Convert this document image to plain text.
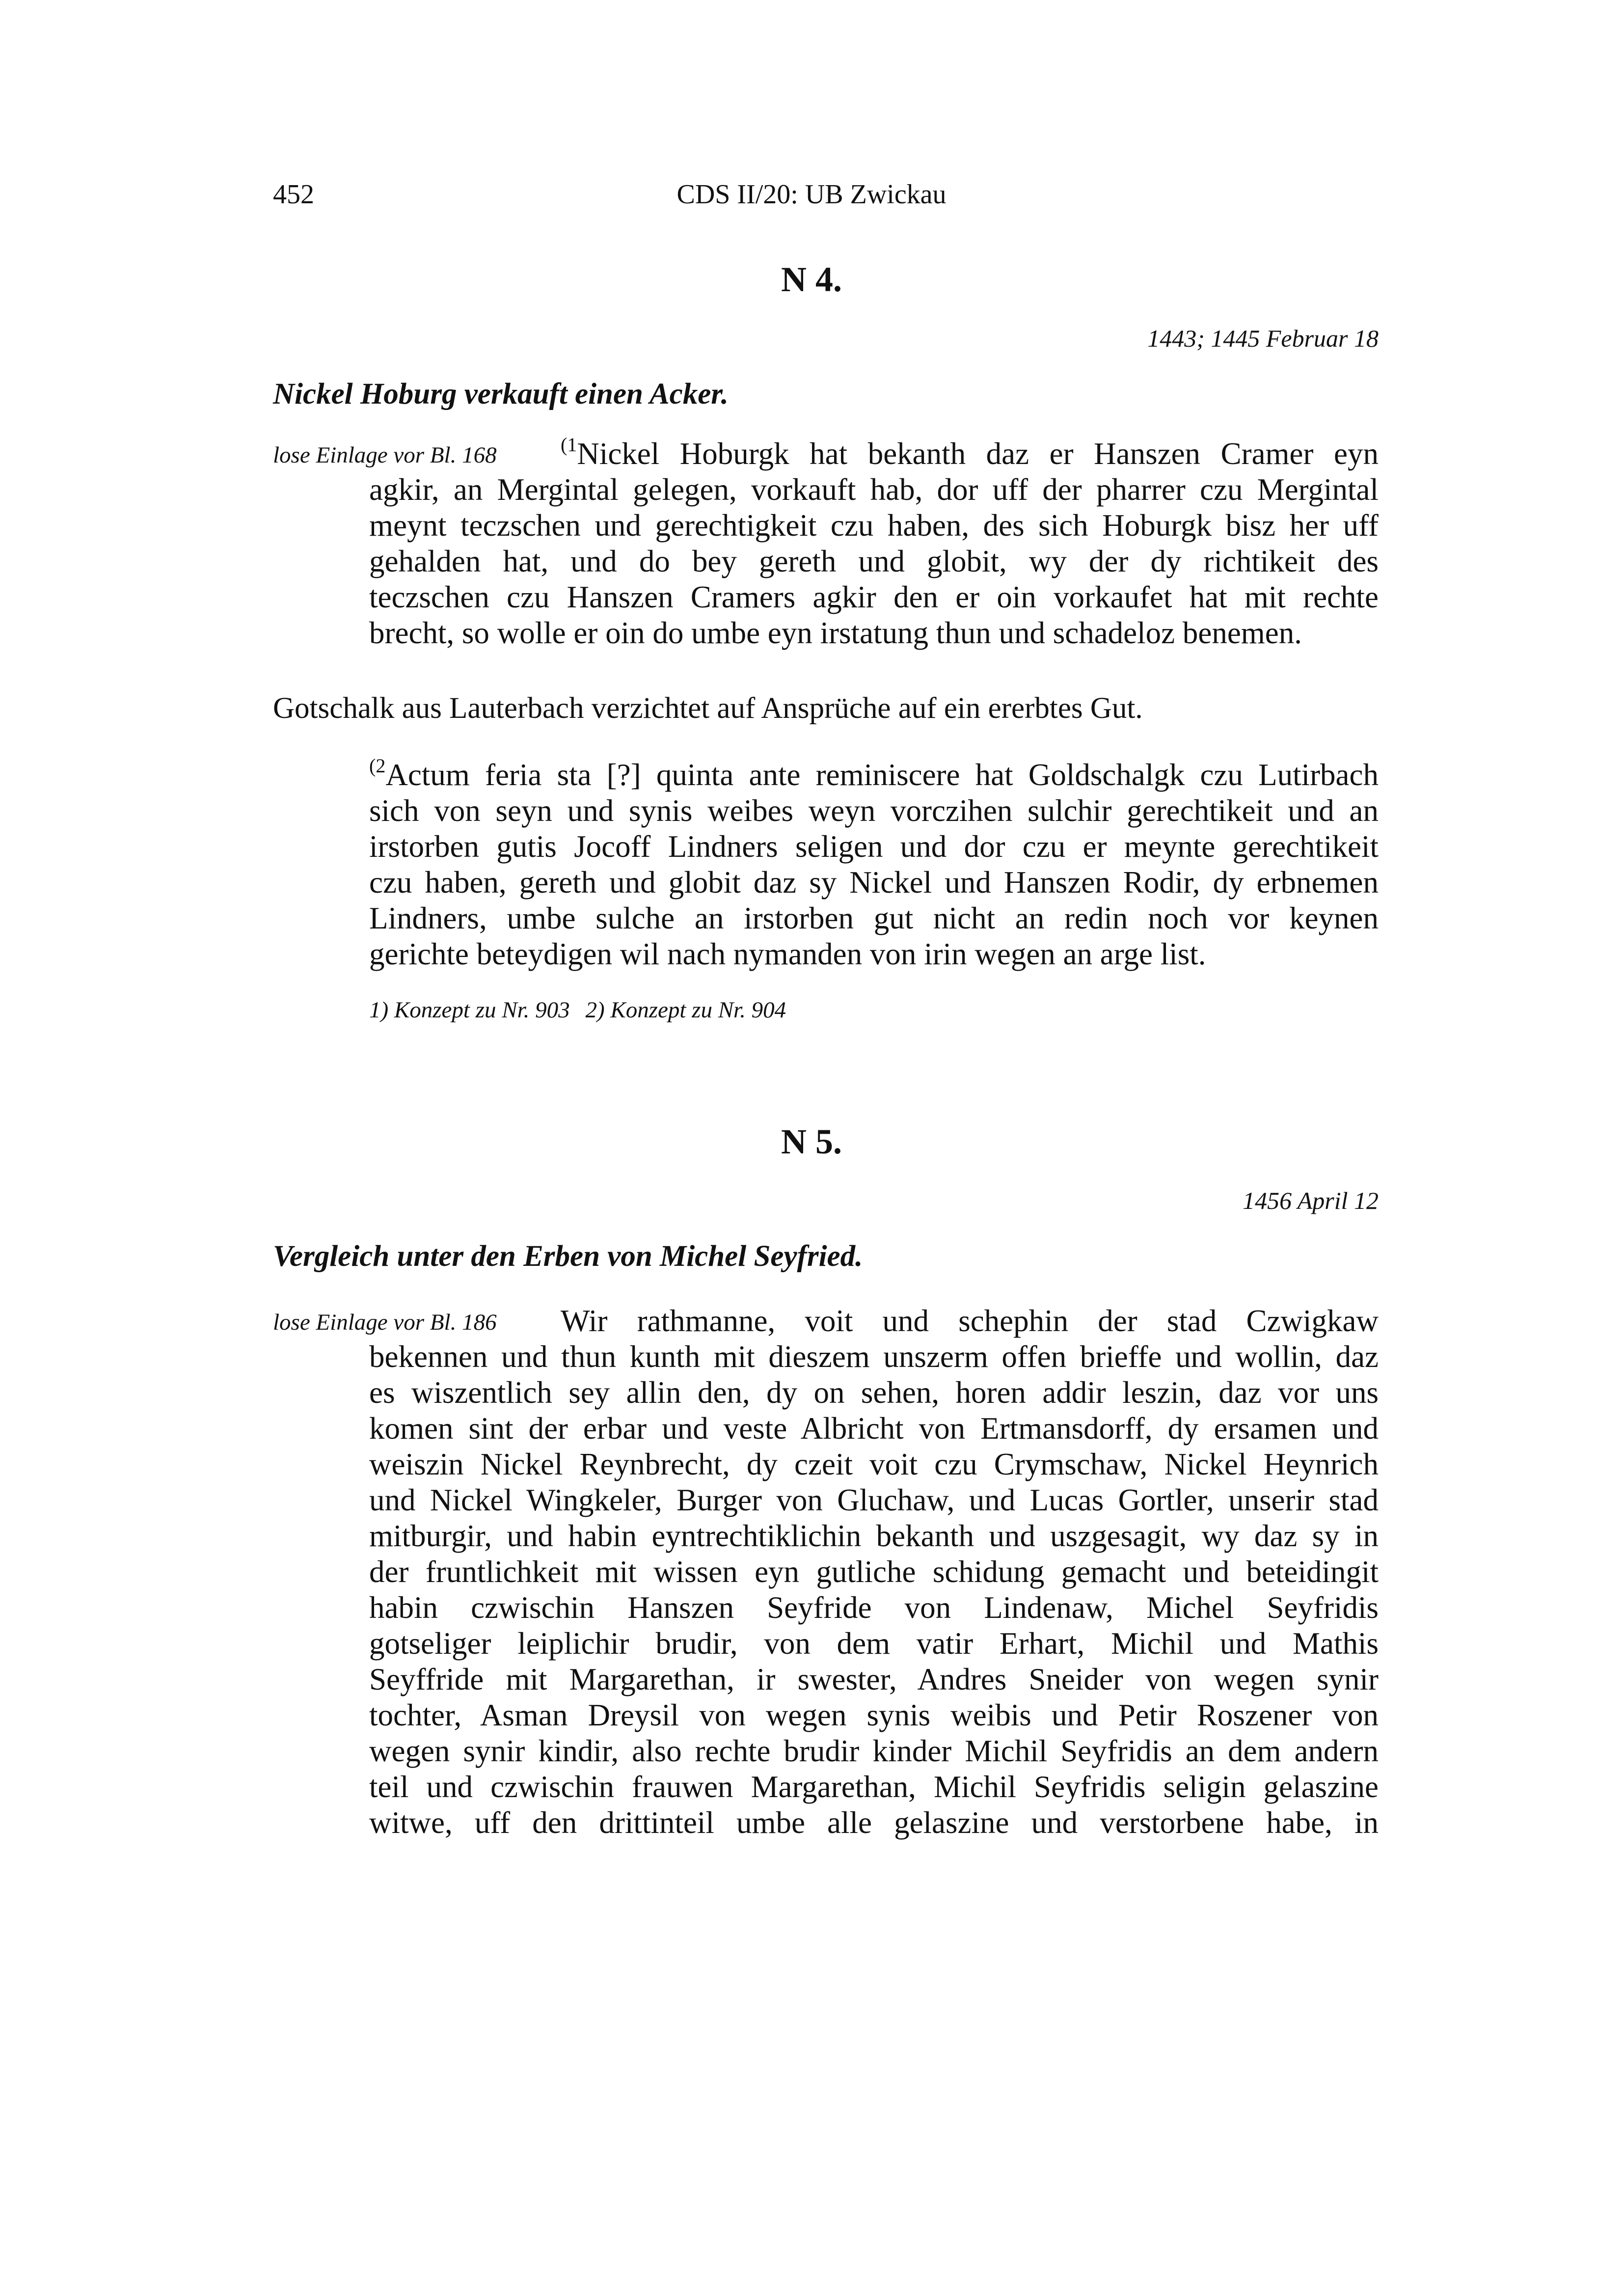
452	CDS II/20: UB Zwickau
N 4.
1443; 1445 Februar 18
Nickel Hoburg verkauft einen Acker.
lose Einlage vor Bl. 168	$^{(1}$Nickel Hoburgk hat bekanth daz er Hanszen Cramer eyn
agkir, an Mergintal gelegen, vorkauft hab, dor uff der pharrer czu Mergintal
meynt teczschen und gerechtigkeit czu haben, des sich Hoburgk bisz her uff
gehalden hat, und do bey gereth und globit, wy der dy richtikeit des
teczschen czu Hanszen Cramers agkir den er oin vorkaufet hat mit rechte
brecht, so wolle er oin do umbe eyn irstatung thun und schadeloz benemen.
Gotschalk aus Lauterbach verzichtet auf Ansprüche auf ein ererbtes Gut.
$^{(2}$Actum feria sta [?] quinta ante reminiscere hat Goldschalgk czu Lutirbach
sich von seyn und synis weibes weyn vorczihen sulchir gerechtikeit und an
irstorben gutis Jocoff Lindners seligen und dor czu er meynte gerechtikeit
czu haben, gereth und globit daz sy Nickel und Hanszen Rodir, dy erbnemen
Lindners, umbe sulche an irstorben gut nicht an redin noch vor keynen
gerichte beteydigen wil nach nymanden von irin wegen an arge list.
1) Konzept zu Nr. 903 2) Konzept zu Nr. 904
N 5.
1456 April 12
Vergleich unter den Erben von Michel Seyfried.
lose Einlage vor Bl. 186	Wir rathmanne, voit und schephin der stad Czwigkaw
bekennen und thun kunth mit dieszem unszerm offen brieffe und wollin, daz
es wiszentlich sey allin den, dy on sehen, horen addir leszin, daz vor uns
komen sint der erbar und veste Albricht von Ertmansdorff, dy ersamen und
weiszin Nickel Reynbrecht, dy czeit voit czu Crymschaw, Nickel Heynrich
und Nickel Wingkeler, Burger von Gluchaw, und Lucas Gortler, unserir stad
mitburgir, und habin eyntrechtiklichin bekanth und uszgesagit, wy daz sy in
der fruntlichkeit mit wissen eyn gutliche schidung gemacht und beteidingit
habin czwischin Hanszen Seyfride von Lindenaw, Michel Seyfridis
gotseliger leiplichir brudir, von dem vatir Erhart, Michil und Mathis
Seyffride mit Margarethan, ir swester, Andres Sneider von wegen synir
tochter, Asman Dreysil von wegen synis weibis und Petir Roszener von
wegen synir kindir, also rechte brudir kinder Michil Seyfridis an dem andern
teil und czwischin frauwen Margarethan, Michil Seyfridis seligin gelaszine
witwe, uff den drittinteil umbe alle gelaszine und verstorbene habe, in
